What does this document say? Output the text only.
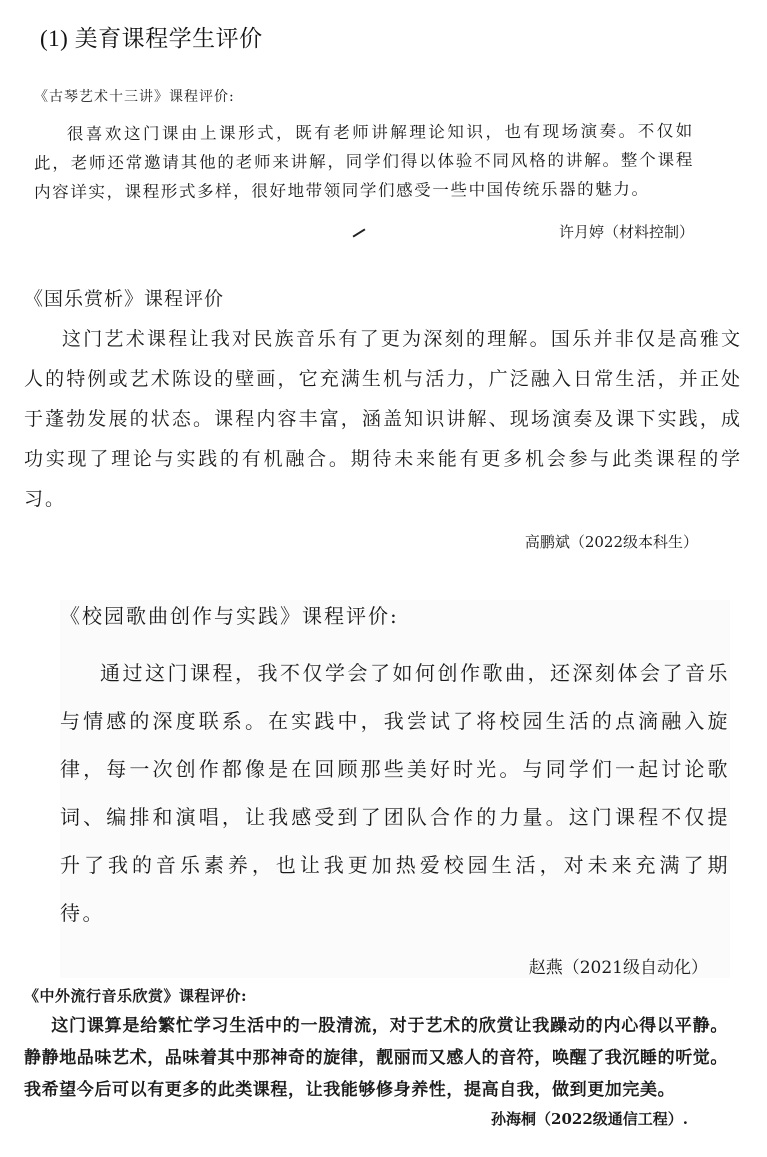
(1) 美育课程学生评价
《古琴艺术十三讲》课程评价:
很喜欢这门课由上课形式，既有老师讲解理论知识，也有现场演奏。不仅如此，老师还常邀请其他的老师来讲解，同学们得以体验不同风格的讲解。整个课程内容详实，课程形式多样，很好地带领同学们感受一些中国传统乐器的魅力。
许月婷（材料控制）
《国乐赏析》课程评价
这门艺术课程让我对民族音乐有了更为深刻的理解。国乐并非仅是高雅文人的特例或艺术陈设的壁画，它充满生机与活力，广泛融入日常生活，并正处于蓬勃发展的状态。课程内容丰富，涵盖知识讲解、现场演奏及课下实践，成功实现了理论与实践的有机融合。期待未来能有更多机会参与此类课程的学习。
高鹏斌（2022级本科生）
《校园歌曲创作与实践》课程评价:
通过这门课程，我不仅学会了如何创作歌曲，还深刻体会了音乐与情感的深度联系。在实践中，我尝试了将校园生活的点滴融入旋律，每一次创作都像是在回顾那些美好时光。与同学们一起讨论歌词、编排和演唱，让我感受到了团队合作的力量。这门课程不仅提升了我的音乐素养，也让我更加热爱校园生活，对未来充满了期待。
赵燕（2021级自动化）
《中外流行音乐欣赏》课程评价:
这门课算是给繁忙学习生活中的一股清流，对于艺术的欣赏让我躁动的内心得以平静。静静地品味艺术，品味着其中那神奇的旋律，靓丽而又感人的音符，唤醒了我沉睡的听觉。我希望今后可以有更多的此类课程，让我能够修身养性，提高自我，做到更加完美。
孙海桐（2022级通信工程）.
